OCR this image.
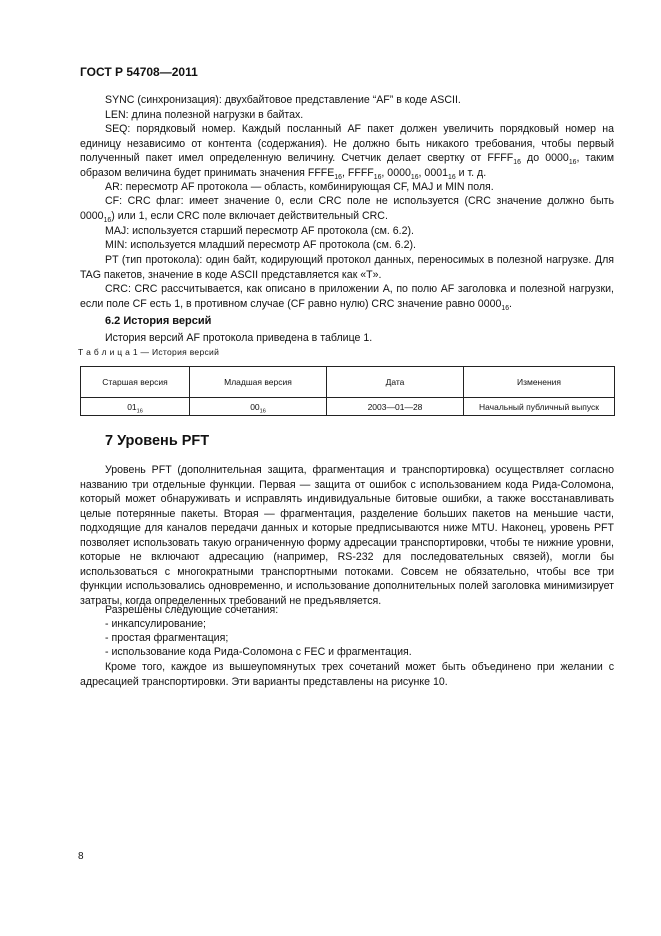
ГОСТ Р 54708—2011
SYNC (синхронизация): двухбайтовое представление “AF” в коде ASCII.
LEN: длина полезной нагрузки в байтах.
SEQ: порядковый номер. Каждый посланный AF пакет должен увеличить порядковый номер на единицу независимо от контента (содержания). Не должно быть никакого требования, чтобы первый полученный пакет имел определенную величину. Счетчик делает свертку от $FFFF_{16}$ до $0000_{16}$, таким образом величина будет принимать значения $FFFE_{16}$, $FFFF_{16}$, $0000_{16}$, $0001_{16}$ и т. д.
AR: пересмотр AF протокола — область, комбинирующая CF, MAJ и MIN поля.
CF: CRC флаг: имеет значение 0, если CRC поле не используется (CRC значение должно быть $0000_{16}$) или 1, если CRC поле включает действительный CRC.
MAJ: используется старший пересмотр AF протокола (см. 6.2).
MIN: используется младший пересмотр AF протокола (см. 6.2).
PT (тип протокола): один байт, кодирующий протокол данных, переносимых в полезной нагрузке. Для TAG пакетов, значение в коде ASCII представляется как «T».
CRC: CRC рассчитывается, как описано в приложении А, по полю AF заголовка и полезной нагрузки, если поле CF есть 1, в противном случае (CF равно нулю) CRC значение равно $0000_{16}$.
6.2 История версий
История версий AF протокола приведена в таблице 1.
Т а б л и ц а 1 — История версий
Старшая версия	Младшая версия	Дата	Изменения
$01_{16}$	$00_{16}$	2003—01—28	Начальный публичный выпуск
7 Уровень PFT
Уровень PFT (дополнительная защита, фрагментация и транспортировка) осуществляет согласно названию три отдельные функции. Первая — защита от ошибок с использованием кода Рида-Соломона, который может обнаруживать и исправлять индивидуальные битовые ошибки, а также восстанавливать целые потерянные пакеты. Вторая — фрагментация, разделение больших пакетов на меньшие части, подходящие для каналов передачи данных и которые предписываются ниже MTU. Наконец, уровень PFT позволяет использовать такую ограниченную форму адресации транспортировки, чтобы те нижние уровни, которые не включают адресацию (например, RS-232 для последовательных связей), могли бы использоваться с многократными транспортными потоками. Совсем не обязательно, чтобы все три функции использовались одновременно, и использование дополнительных полей заголовка минимизирует затраты, когда определенных требований не предъявляется.
Разрешены следующие сочетания:
- инкапсулирование;
- простая фрагментация;
- использование кода Рида-Соломона с FEC и фрагментация.
Кроме того, каждое из вышеупомянутых трех сочетаний может быть объединено при желании с адресацией транспортировки. Эти варианты представлены на рисунке 10.
8
